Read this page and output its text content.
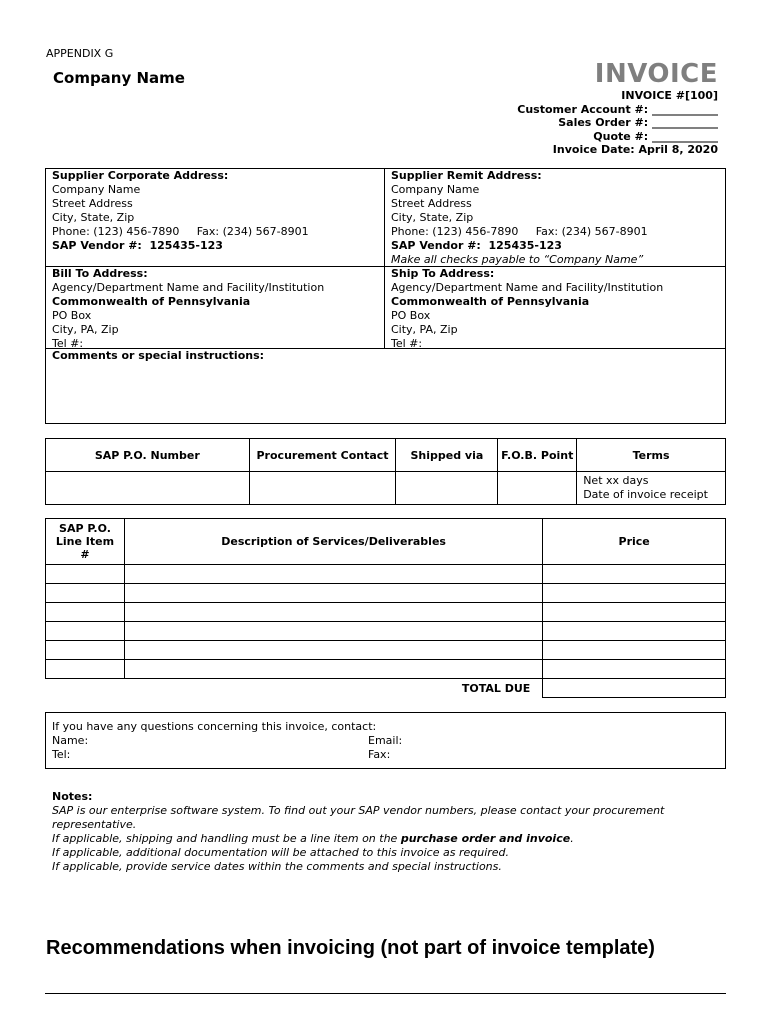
APPENDIX G
Company Name	INVOICE
INVOICE #[100]
Customer Account #: ____________
Sales Order #: ____________
Quote #: ____________
Invoice Date: April 8, 2020
Supplier Corporate Address:
Company Name
Street Address
City, State, Zip
Phone: (123) 456-7890     Fax: (234) 567-8901
SAP Vendor #:  125435-123
Supplier Remit Address:
Company Name
Street Address
City, State, Zip
Phone: (123) 456-7890     Fax: (234) 567-8901
SAP Vendor #:  125435-123
Make all checks payable to “Company Name”
Bill To Address:
Agency/Department Name and Facility/Institution
Commonwealth of Pennsylvania
PO Box
City, PA, Zip
Tel #:
Ship To Address:
Agency/Department Name and Facility/Institution
Commonwealth of Pennsylvania
PO Box
City, PA, Zip
Tel #:
Comments or special instructions:
SAP P.O. Number	Procurement Contact	Shipped via	F.O.B. Point	Terms

				Net xx days
Date of invoice receipt
SAP P.O. Line Item #	Description of Services/Deliverables	Price

TOTAL DUE		
If you have any questions concerning this invoice, contact:
Name:	Email:
Tel:	Fax:
Notes:
SAP is our enterprise software system. To find out your SAP vendor numbers, please contact your procurement representative.
If applicable, shipping and handling must be a line item on the purchase order and invoice.
If applicable, additional documentation will be attached to this invoice as required.
If applicable, provide service dates within the comments and special instructions.
Recommendations when invoicing (not part of invoice template)
